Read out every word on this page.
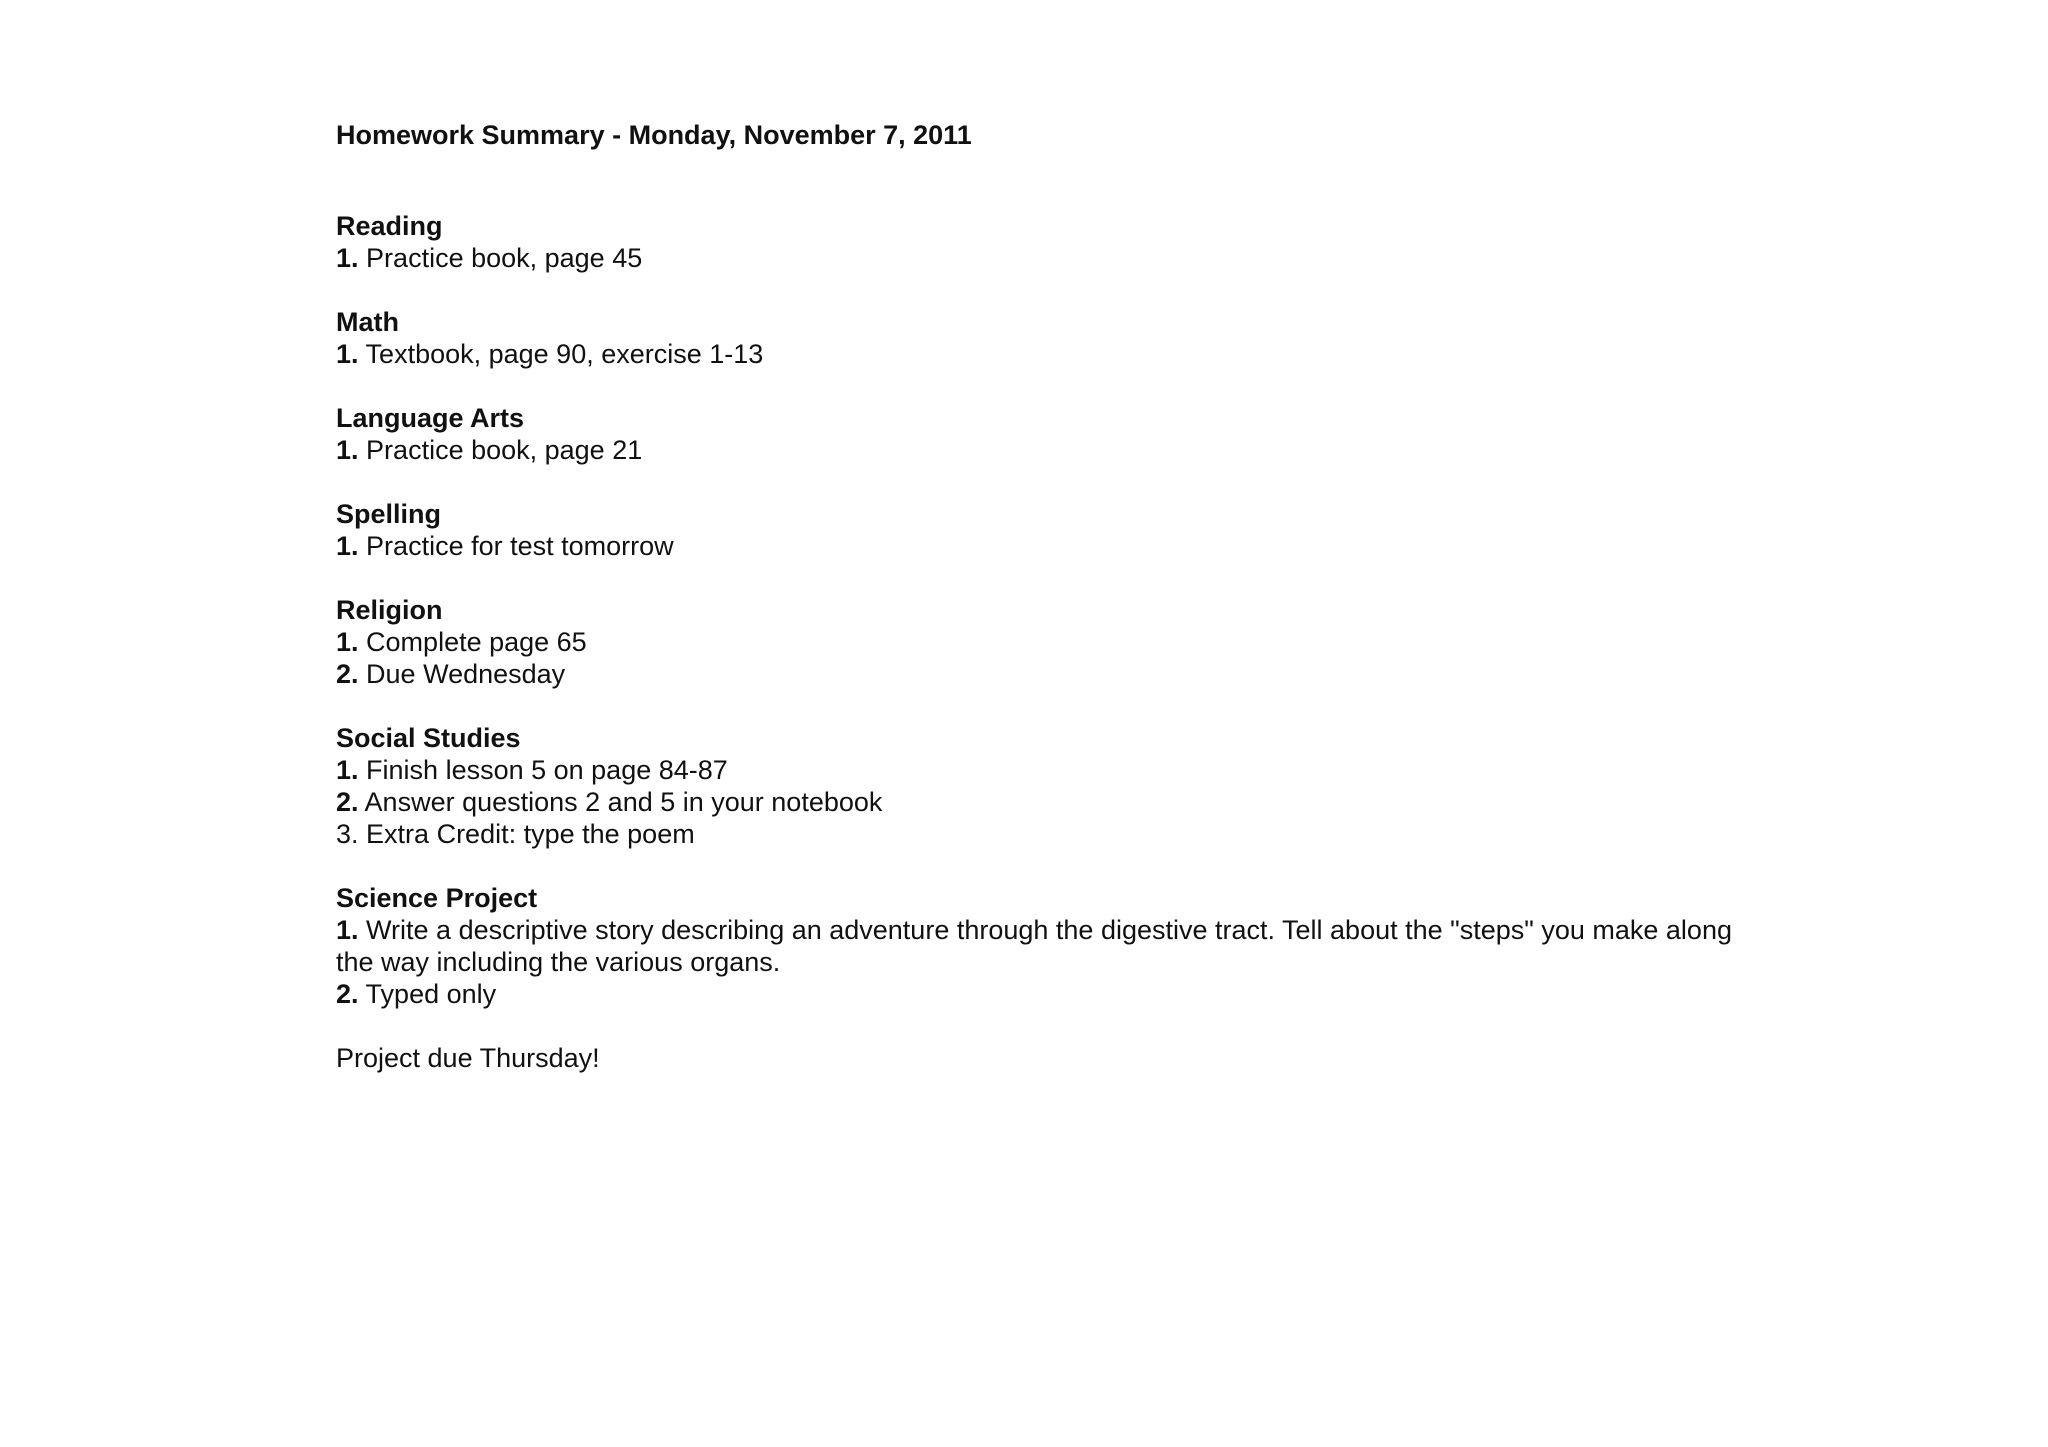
Homework Summary - Monday, November 7, 2011
Reading
1. Practice book, page 45
Math
1. Textbook, page 90, exercise 1-13
Language Arts
1. Practice book, page 21
Spelling
1. Practice for test tomorrow
Religion
1. Complete page 65
2. Due Wednesday
Social Studies
1. Finish lesson 5 on page 84-87
2. Answer questions 2 and 5 in your notebook
3. Extra Credit: type the poem
Science Project
1. Write a descriptive story describing an adventure through the digestive tract. Tell about the "steps" you make along the way including the various organs.
2. Typed only
Project due Thursday!
